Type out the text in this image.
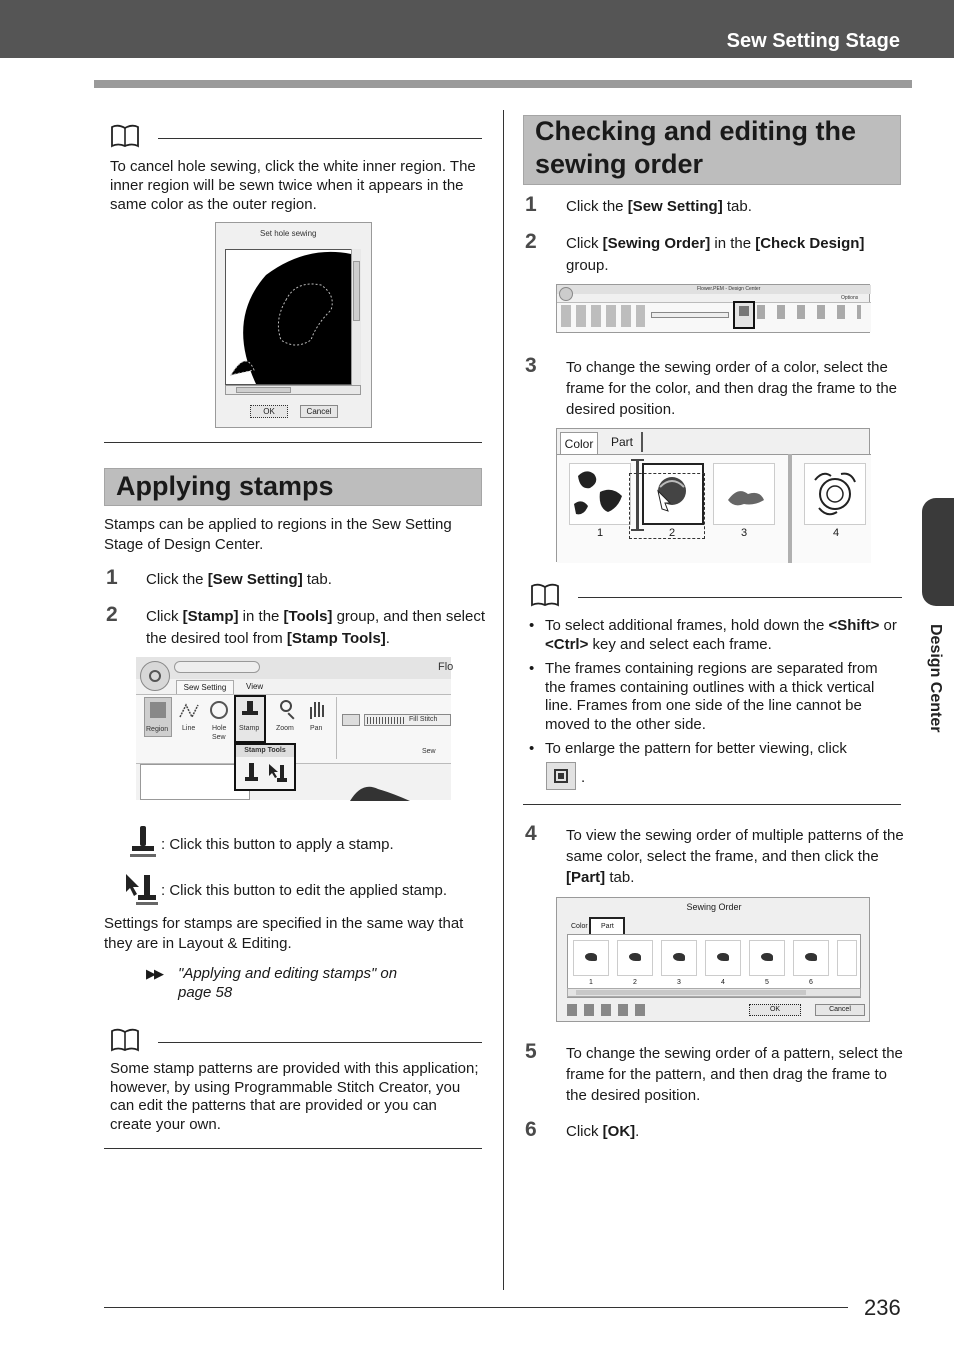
Sew Setting Stage
Design Center
To cancel hole sewing, click the white inner region. The inner region will be sewn twice when it appears in the same color as the outer region.
Set hole sewing
OK	Cancel
Applying stamps
Stamps can be applied to regions in the Sew Setting Stage of Design Center.
1 Click the [Sew Setting] tab.
2 Click [Stamp] in the [Tools] group, and then select the desired tool from [Stamp Tools].
Flo
Sew Setting	View
Region Line Hole
Sew
Stamp Zoom Pan
Fill Stitch
Sew
Stamp Tools
: Click this button to apply a stamp.
: Click this button to edit the applied stamp.
Settings for stamps are specified in the same way that they are in Layout & Editing.
▶▶ "Applying and editing stamps" on
page 58
Some stamp patterns are provided with this application; however, by using Programmable Stitch Creator, you can edit the patterns that are provided or you can create your own.
Checking and editing the
sewing order
1 Click the [Sew Setting] tab.
2 Click [Sewing Order] in the [Check Design] group.
Flower.PEM - Design Center
Options
3 To change the sewing order of a color, select the frame for the color, and then drag the frame to the desired position.
Color	Part
1	2	3	4
• To select additional frames, hold down the <Shift> or <Ctrl> key and select each frame.
• The frames containing regions are separated from the frames containing outlines with a thick vertical line. Frames from one side of the line cannot be moved to the other side.
• To enlarge the pattern for better viewing, click
.
4 To view the sewing order of multiple patterns of the same color, select the frame, and then click the [Part] tab.
Sewing Order
Color	Part
1	2	3	4	5	6
OK	Cancel
5 To change the sewing order of a pattern, select the frame for the pattern, and then drag the frame to the desired position.
6 Click [OK].
236
